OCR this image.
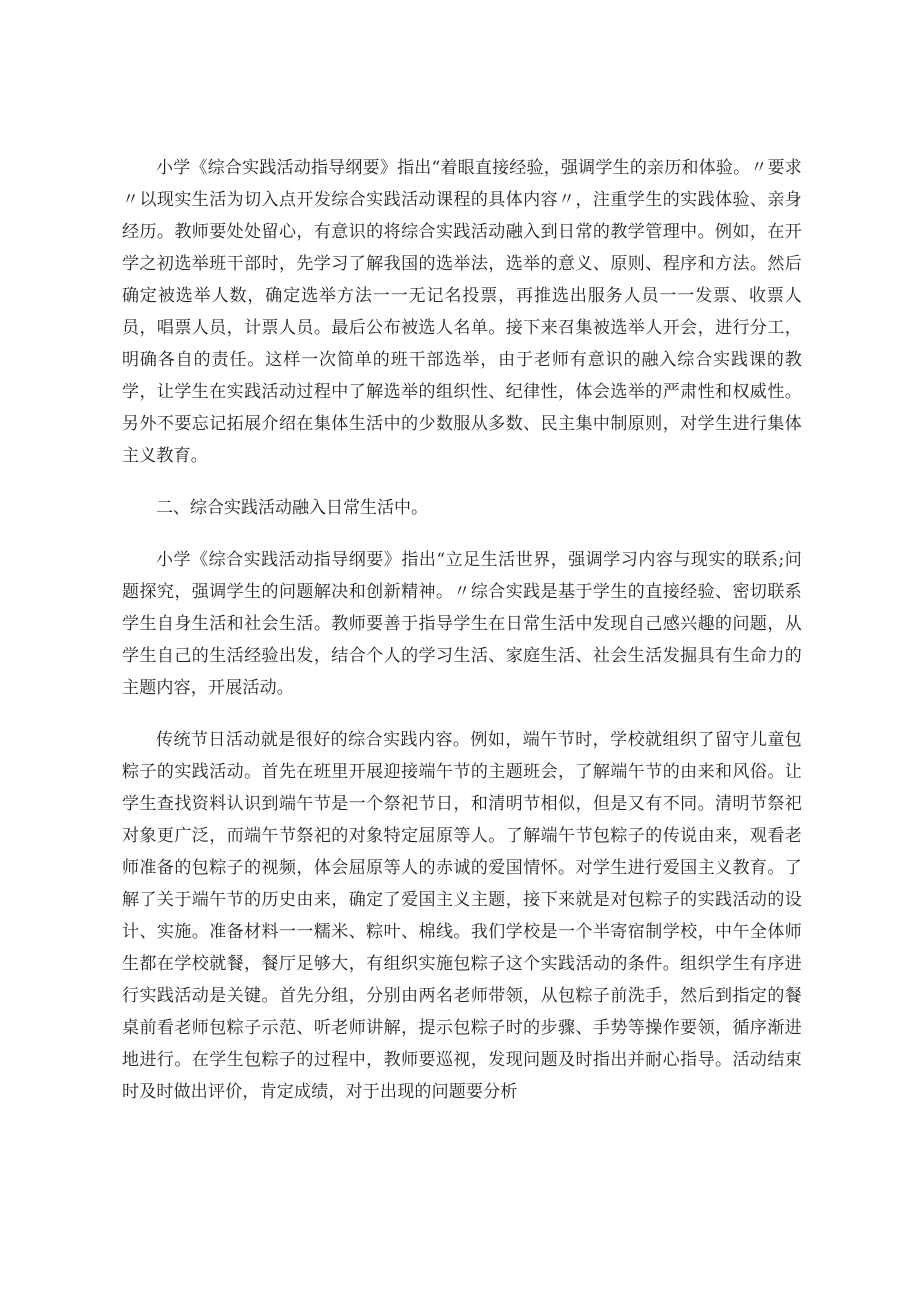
小学《综合实践活动指导纲要》指出“着眼直接经验，强调学生的亲历和体验。〃要求〃以现实生活为切入点开发综合实践活动课程的具体内容〃，注重学生的实践体验、亲身经历。教师要处处留心，有意识的将综合实践活动融入到日常的教学管理中。例如，在开学之初选举班干部时，先学习了解我国的选举法，选举的意义、原则、程序和方法。然后确定被选举人数，确定选举方法一一无记名投票，再推选出服务人员一一发票、收票人员，唱票人员，计票人员。最后公布被选人名单。接下来召集被选举人开会，进行分工，明确各自的责任。这样一次简单的班干部选举，由于老师有意识的融入综合实践课的教学，让学生在实践活动过程中了解选举的组织性、纪律性，体会选举的严肃性和权威性。另外不要忘记拓展介绍在集体生活中的少数服从多数、民主集中制原则，对学生进行集体主义教育。

二、综合实践活动融入日常生活中。

小学《综合实践活动指导纲要》指出“立足生活世界，强调学习内容与现实的联系;问题探究，强调学生的问题解决和创新精神。〃综合实践是基于学生的直接经验、密切联系学生自身生活和社会生活。教师要善于指导学生在日常生活中发现自己感兴趣的问题，从学生自己的生活经验出发，结合个人的学习生活、家庭生活、社会生活发掘具有生命力的主题内容，开展活动。

传统节日活动就是很好的综合实践内容。例如，端午节时，学校就组织了留守儿童包粽子的实践活动。首先在班里开展迎接端午节的主题班会，了解端午节的由来和风俗。让学生查找资料认识到端午节是一个祭祀节日，和清明节相似，但是又有不同。清明节祭祀对象更广泛，而端午节祭祀的对象特定屈原等人。了解端午节包粽子的传说由来，观看老师准备的包粽子的视频，体会屈原等人的赤诚的爱国情怀。对学生进行爱国主义教育。了解了关于端午节的历史由来，确定了爱国主义主题，接下来就是对包粽子的实践活动的设计、实施。准备材料一一糯米、粽叶、棉线。我们学校是一个半寄宿制学校，中午全体师生都在学校就餐，餐厅足够大，有组织实施包粽子这个实践活动的条件。组织学生有序进行实践活动是关键。首先分组，分别由两名老师带领，从包粽子前洗手，然后到指定的餐桌前看老师包粽子示范、听老师讲解，提示包粽子时的步骤、手势等操作要领，循序渐进地进行。在学生包粽子的过程中，教师要巡视，发现问题及时指出并耐心指导。活动结束时及时做出评价，肯定成绩，对于出现的问题要分析
